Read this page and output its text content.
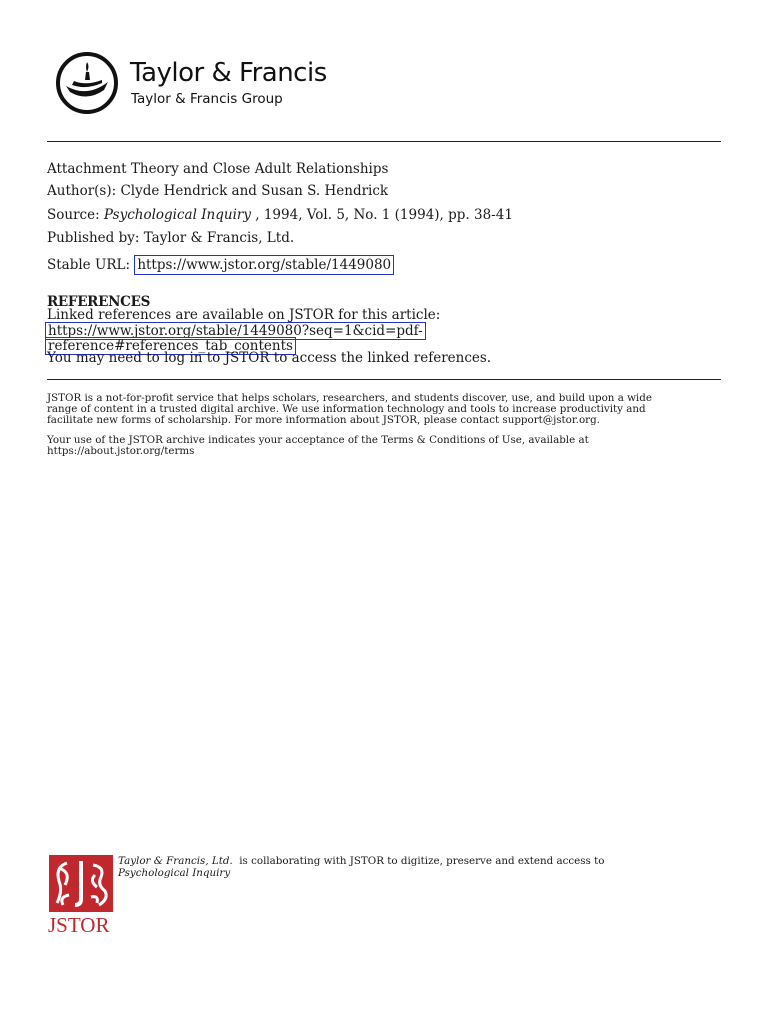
Taylor & Francis
Taylor & Francis Group
Attachment Theory and Close Adult Relationships
Author(s): Clyde Hendrick and Susan S. Hendrick
Source: Psychological Inquiry , 1994, Vol. 5, No. 1 (1994), pp. 38-41
Published by: Taylor & Francis, Ltd.
Stable URL: https://www.jstor.org/stable/1449080
REFERENCES
Linked references are available on JSTOR for this article:
https://www.jstor.org/stable/1449080?seq=1&cid=pdf-
reference#references_tab_contents
You may need to log in to JSTOR to access the linked references.
JSTOR is a not-for-profit service that helps scholars, researchers, and students discover, use, and build upon a wide
range of content in a trusted digital archive. We use information technology and tools to increase productivity and
facilitate new forms of scholarship. For more information about JSTOR, please contact support@jstor.org.
Your use of the JSTOR archive indicates your acceptance of the Terms & Conditions of Use, available at
https://about.jstor.org/terms
JSTOR
Taylor & Francis, Ltd.  is collaborating with JSTOR to digitize, preserve and extend access to
Psychological Inquiry
